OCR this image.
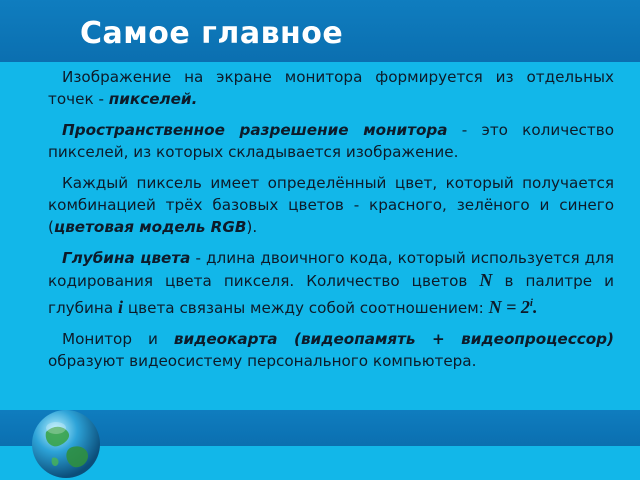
Самое главное

Изображение на экране монитора формируется из отдельных точек - пикселей.

Пространственное разрешение монитора - это количество пикселей, из которых складывается изображение.

Каждый пиксель имеет определённый цвет, который получается комбинацией трёх базовых цветов - красного, зелёного и синего (цветовая модель RGB).

Глубина цвета - длина двоичного кода, который используется для кодирования цвета пикселя. Количество цветов N в палитре и глубина i цвета связаны между собой соотношением: $N = 2^i$.

Монитор и видеокарта (видеопамять + видеопроцессор) образуют видеосистему персонального компьютера.
